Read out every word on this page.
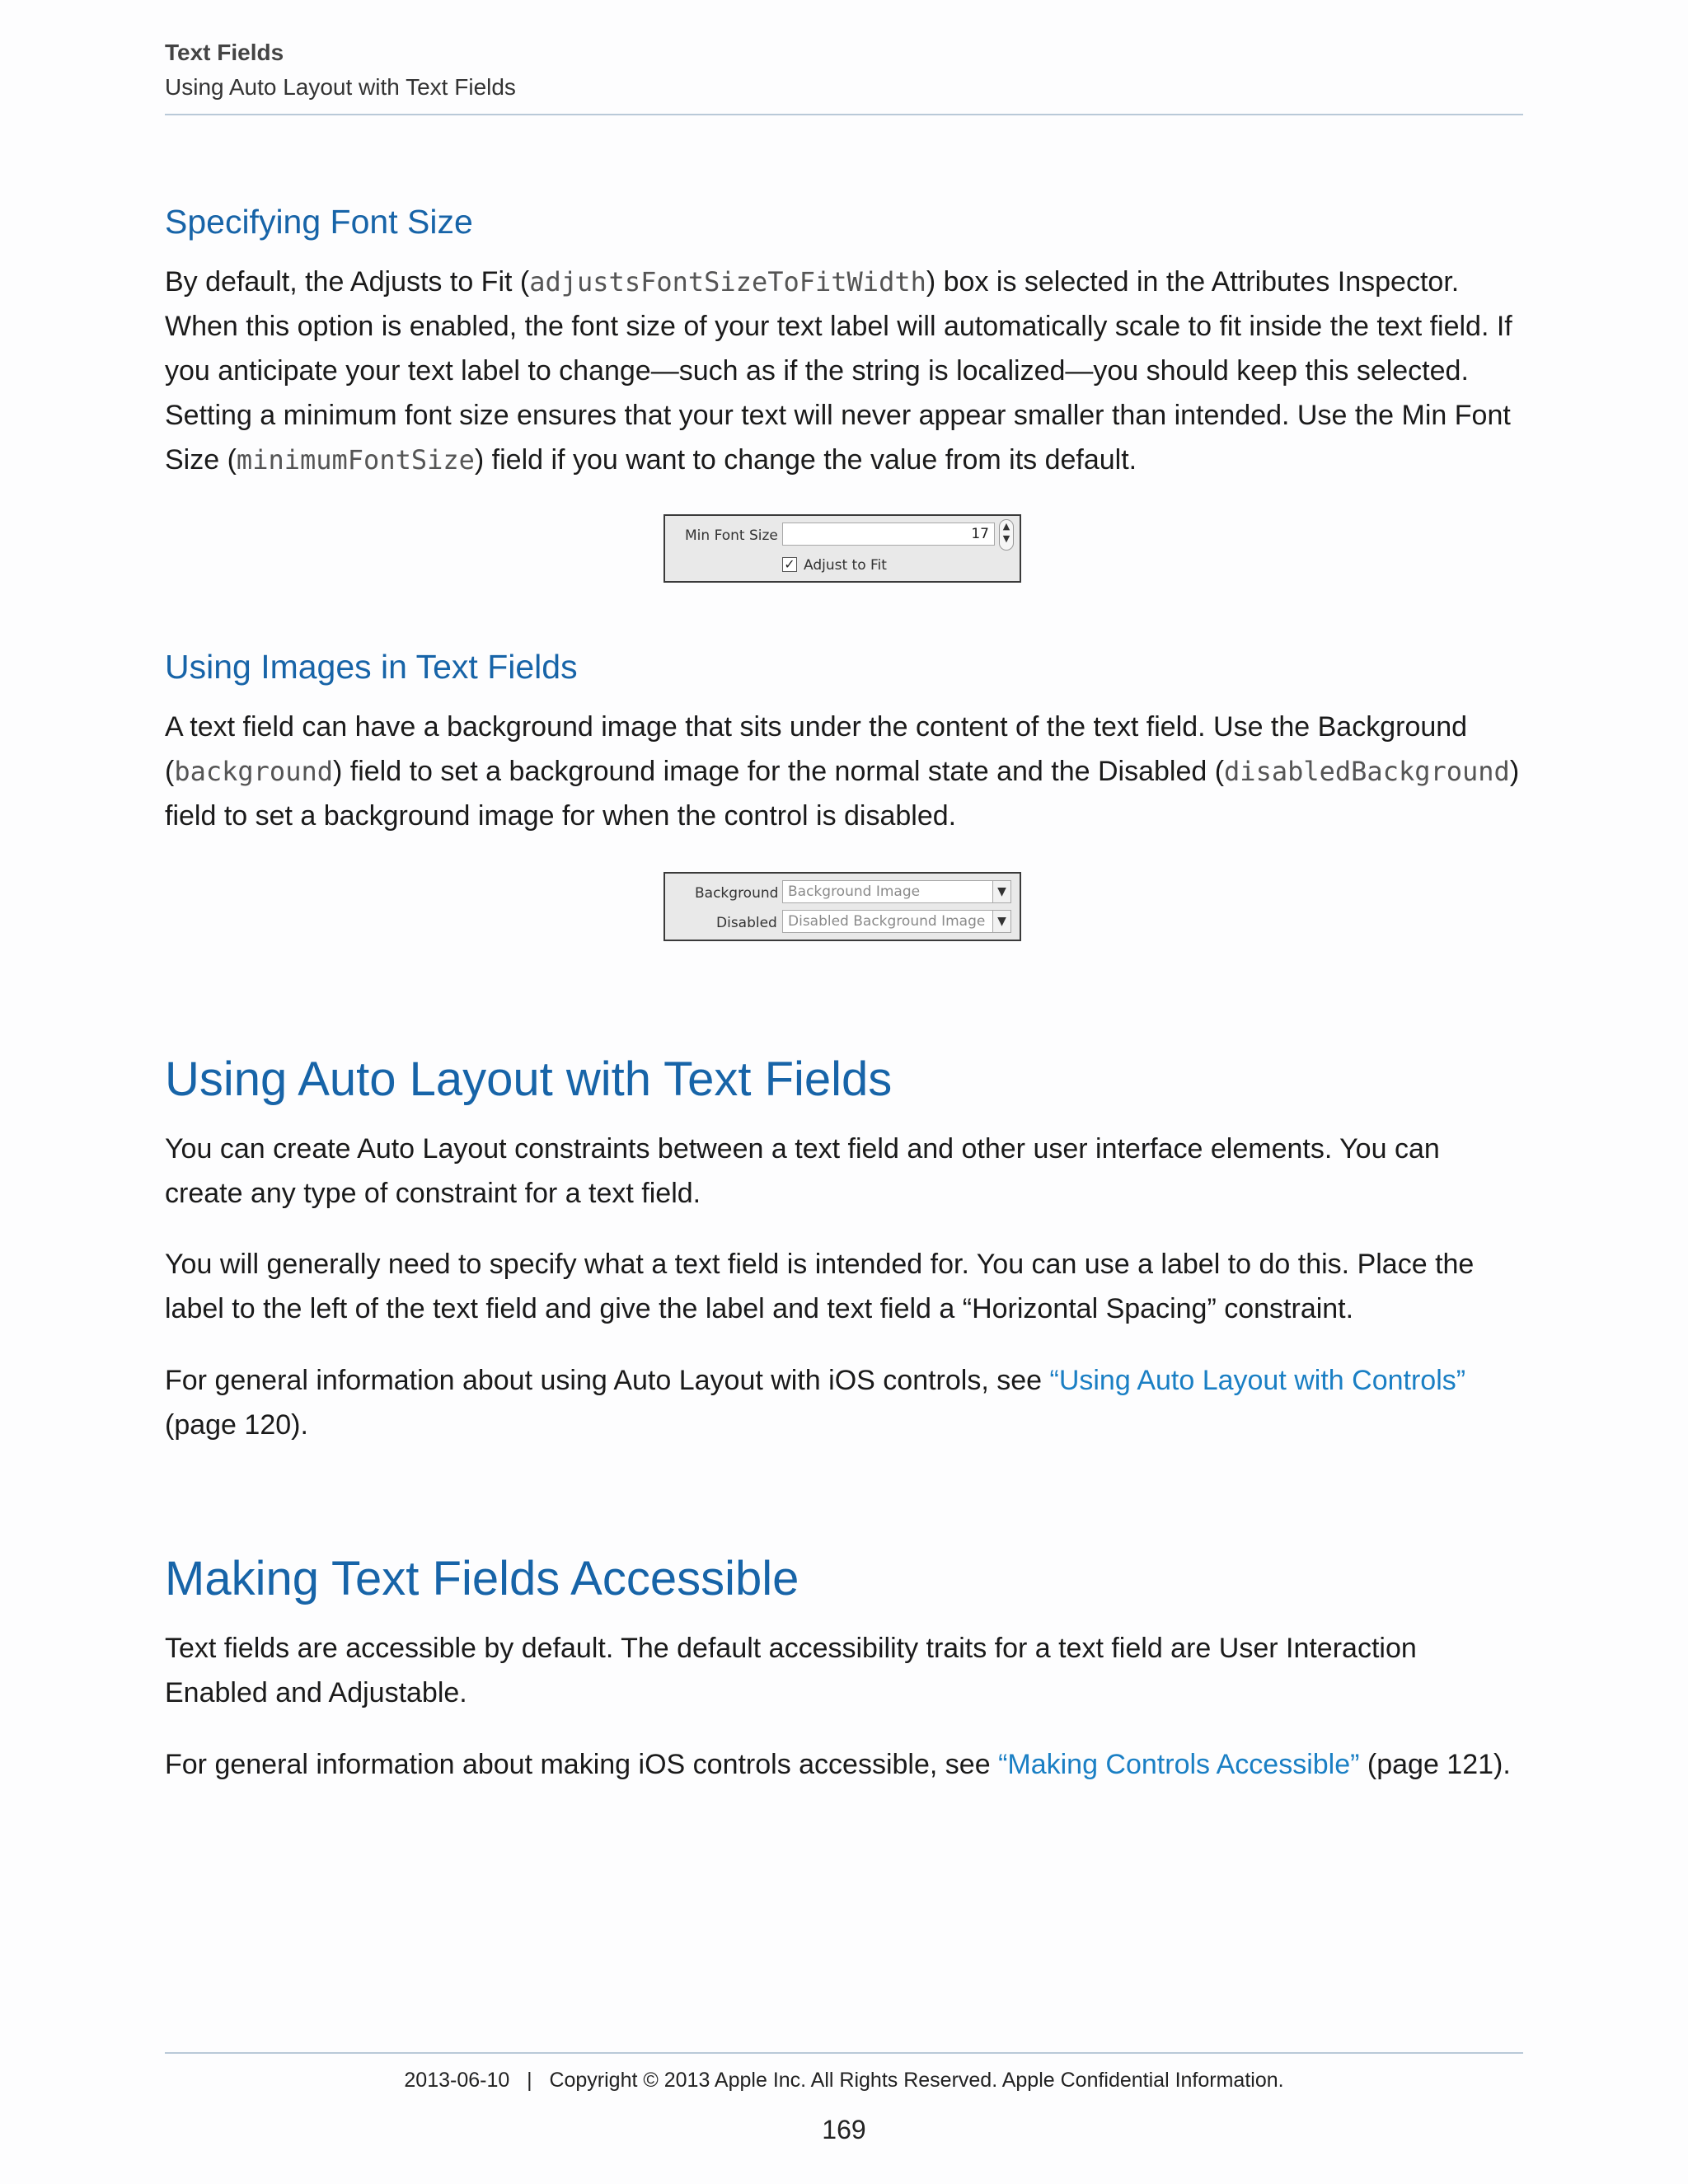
Text Fields
Using Auto Layout with Text Fields
Specifying Font Size

By default, the Adjusts to Fit (adjustsFontSizeToFitWidth) box is selected in the Attributes Inspector. When this option is enabled, the font size of your text label will automatically scale to fit inside the text field. If you anticipate your text label to change—such as if the string is localized—you should keep this selected. Setting a minimum font size ensures that your text will never appear smaller than intended. Use the Min Font Size (minimumFontSize) field if you want to change the value from its default.

Min Font Size	17	▲
▼
✓ Adjust to Fit
Using Images in Text Fields

A text field can have a background image that sits under the content of the text field. Use the Background (background) field to set a background image for the normal state and the Disabled (disabledBackground) field to set a background image for when the control is disabled.

Background Background Image	▼
Disabled Disabled Background Image	▼
Using Auto Layout with Text Fields

You can create Auto Layout constraints between a text field and other user interface elements. You can create any type of constraint for a text field.

You will generally need to specify what a text field is intended for. You can use a label to do this. Place the label to the left of the text field and give the label and text field a “Horizontal Spacing” constraint.

For general information about using Auto Layout with iOS controls, see “Using Auto Layout with Controls” (page 120).

Making Text Fields Accessible

Text fields are accessible by default. The default accessibility traits for a text field are User Interaction Enabled and Adjustable.

For general information about making iOS controls accessible, see “Making Controls Accessible” (page 121).

2013-06-10   |   Copyright © 2013 Apple Inc. All Rights Reserved. Apple Confidential Information.
169
